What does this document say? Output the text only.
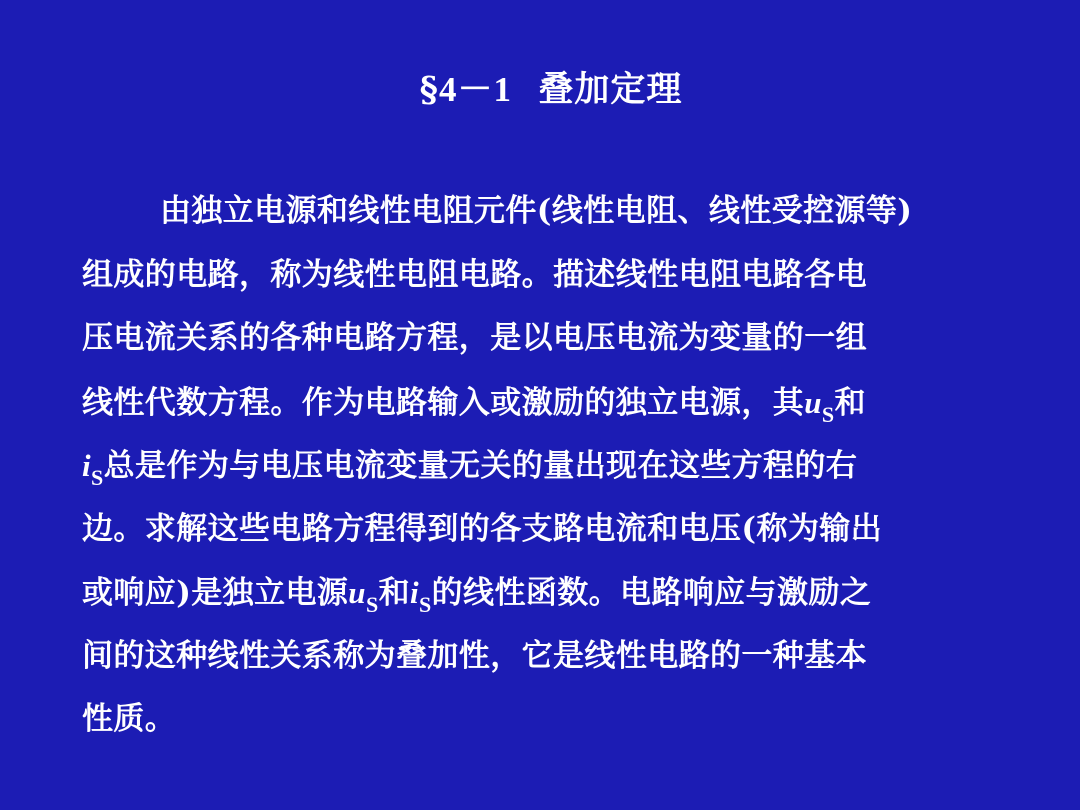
§4－1 叠加定理
由独立电源和线性电阻元件(线性电阻、线性受控源等)
组成的电路，称为线性电阻电路。描述线性电阻电路各电
压电流关系的各种电路方程，是以电压电流为变量的一组
线性代数方程。作为电路输入或激励的独立电源，其$u_S$和
$i_S$总是作为与电压电流变量无关的量出现在这些方程的右
边。求解这些电路方程得到的各支路电流和电压(称为输出
或响应)是独立电源$u_S$和$i_S$的线性函数。电路响应与激励之
间的这种线性关系称为叠加性，它是线性电路的一种基本
性质。
